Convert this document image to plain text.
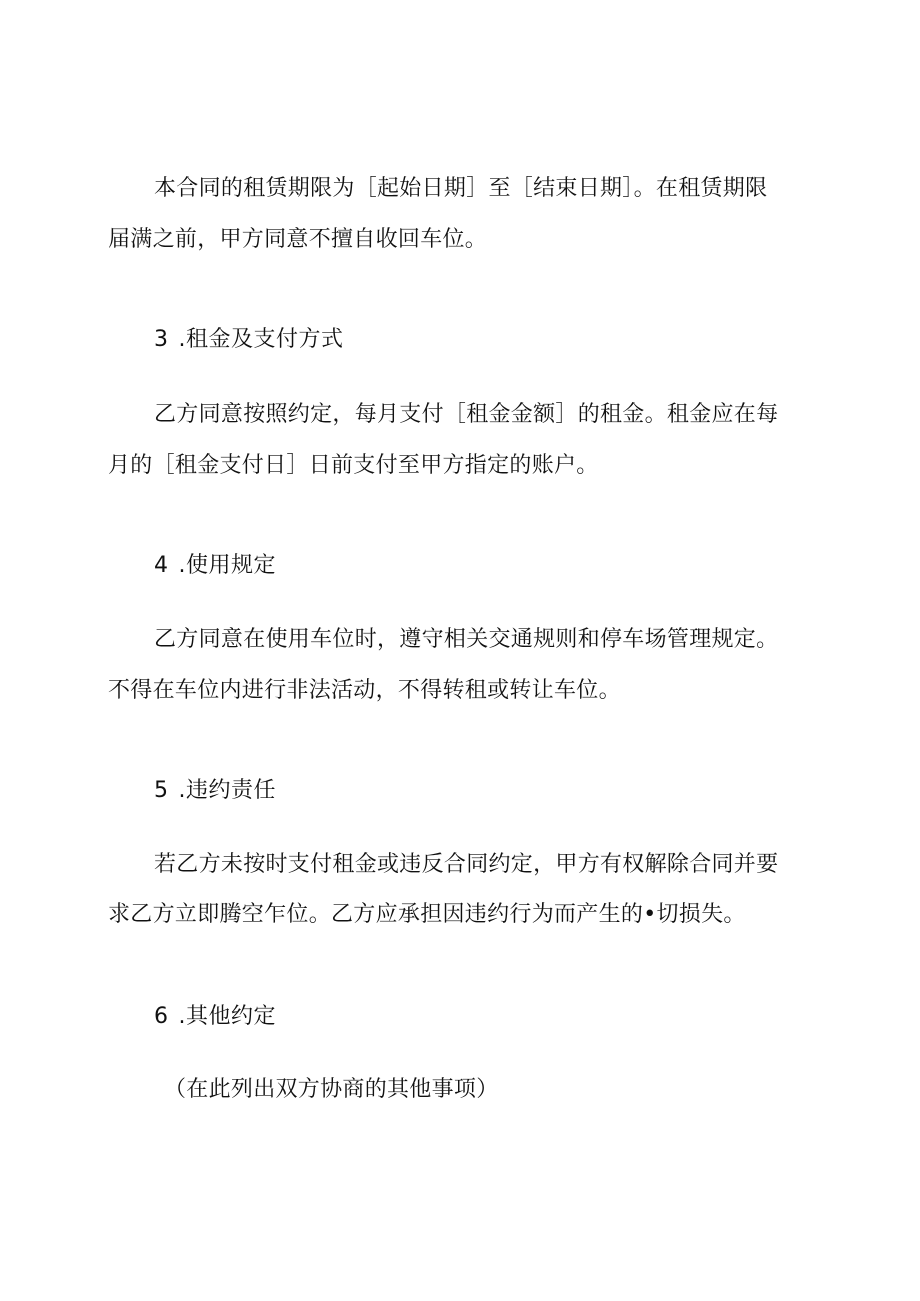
本合同的租赁期限为［起始日期］至［结束日期］。在租赁期限
届满之前，甲方同意不擅自收回车位。
3 .租金及支付方式
乙方同意按照约定，每月支付［租金金额］的租金。租金应在每
月的［租金支付日］日前支付至甲方指定的账户。
4 .使用规定
乙方同意在使用车位时，遵守相关交通规则和停车场管理规定。
不得在车位内进行非法活动，不得转租或转让车位。
5 .违约责任
若乙方未按时支付租金或违反合同约定，甲方有权解除合同并要
求乙方立即腾空乍位。乙方应承担因违约行为而产生的•切损失。
6 .其他约定
（在此列出双方协商的其他事项）
